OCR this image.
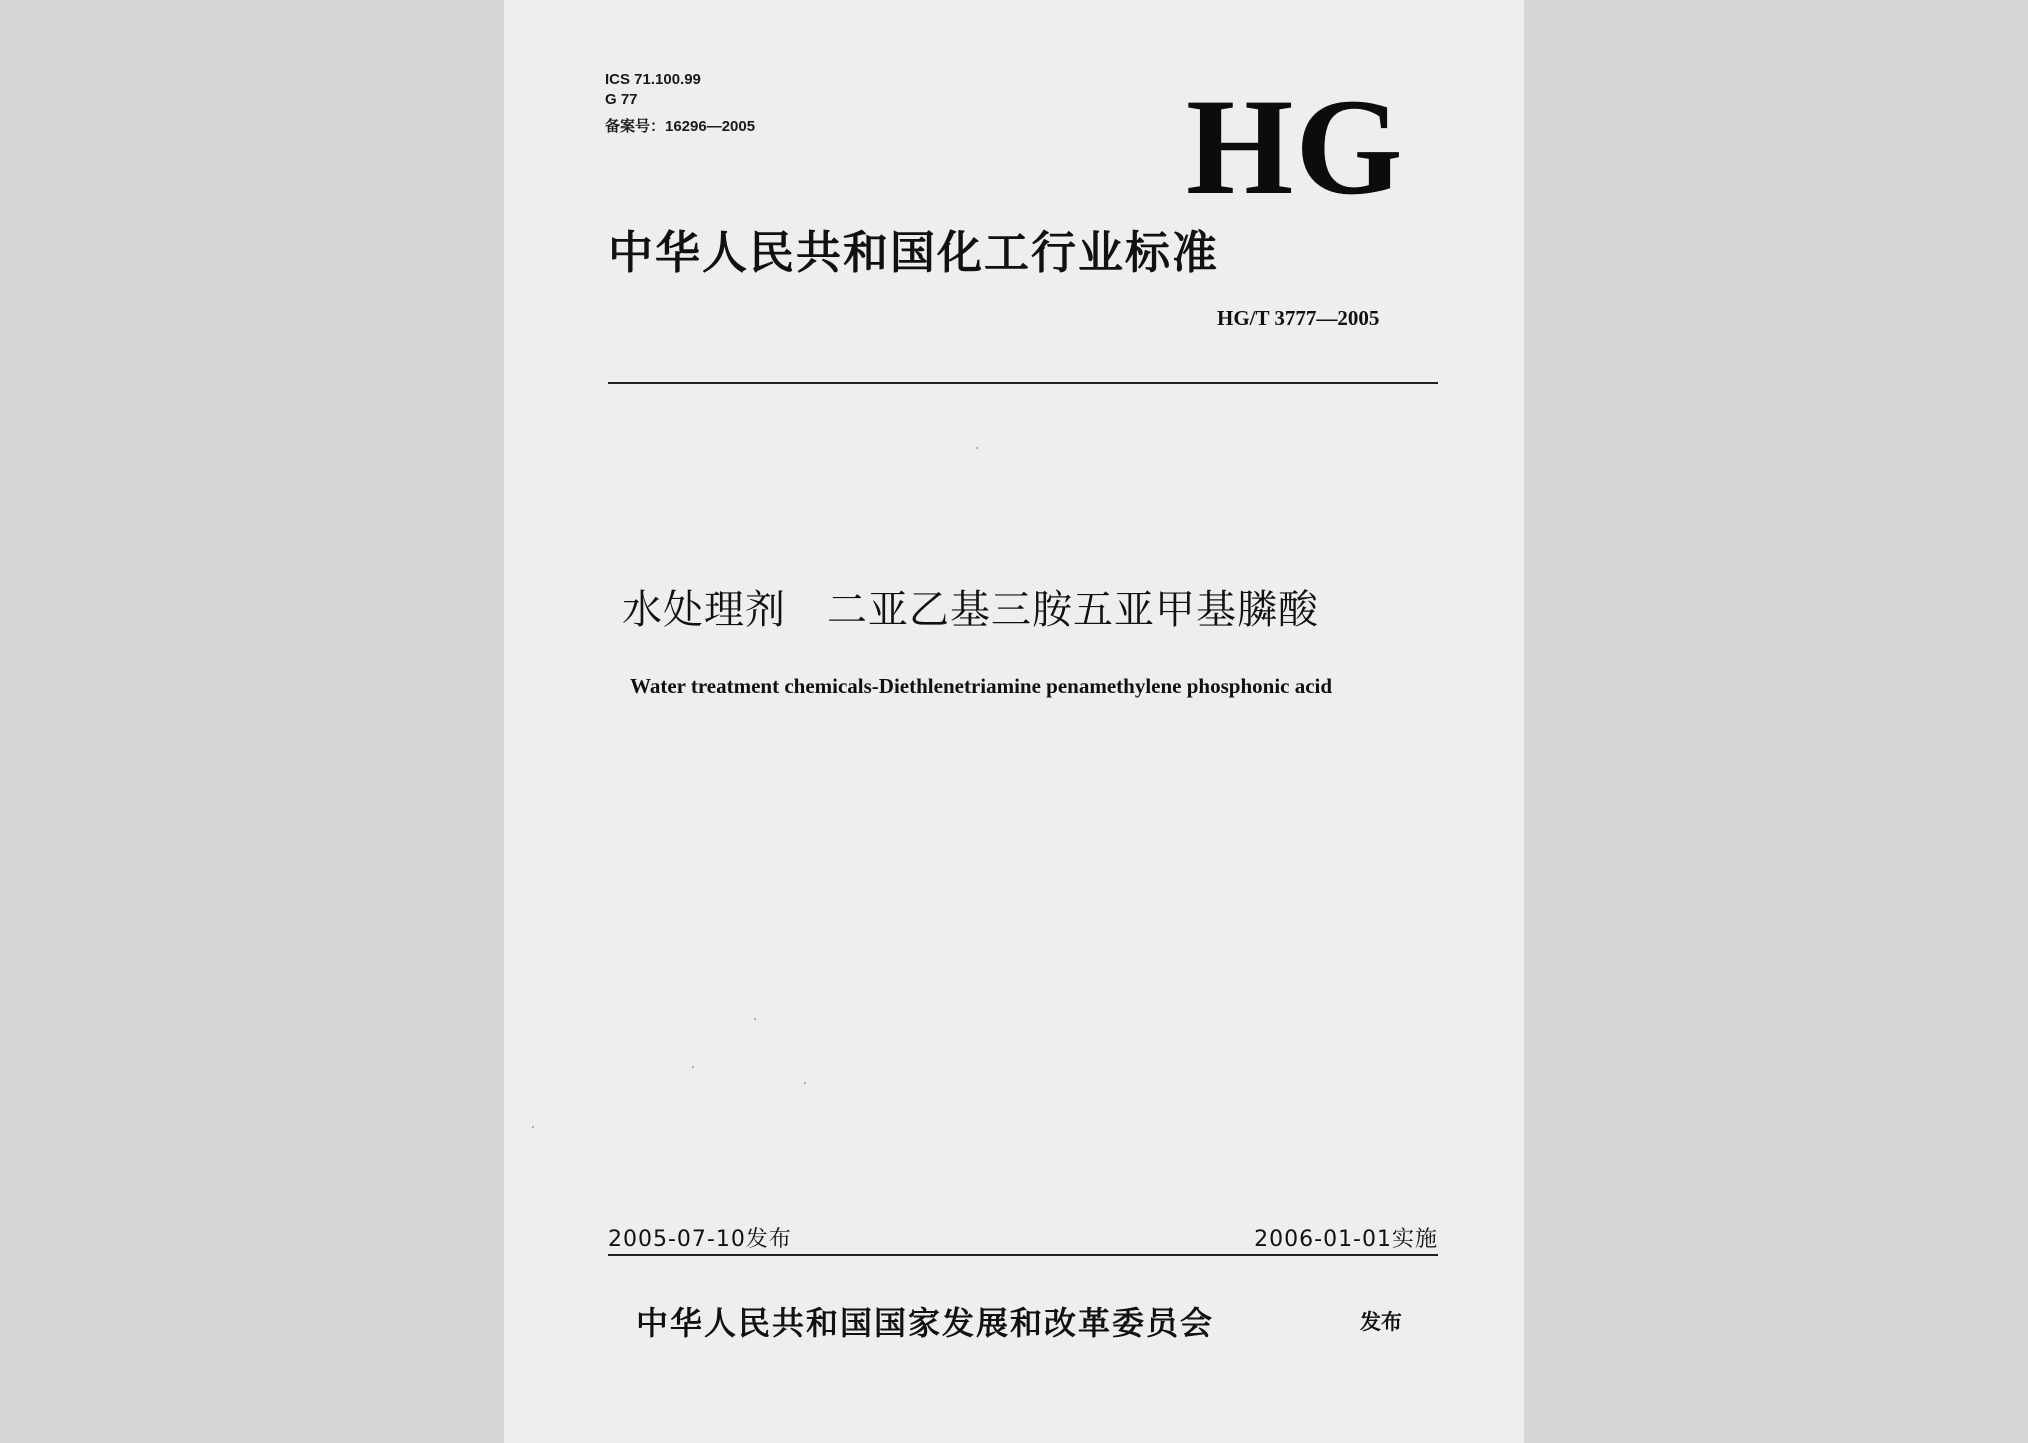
ICS 71.100.99
G 77
备案号：16296—2005	HG
中华人民共和国化工行业标准
HG/T 3777—2005
水处理剂　二亚乙基三胺五亚甲基膦酸
Water treatment chemicals-Diethlenetriamine penamethylene phosphonic acid
2005-07-10发布	2006-01-01实施
中华人民共和国国家发展和改革委员会	发布
